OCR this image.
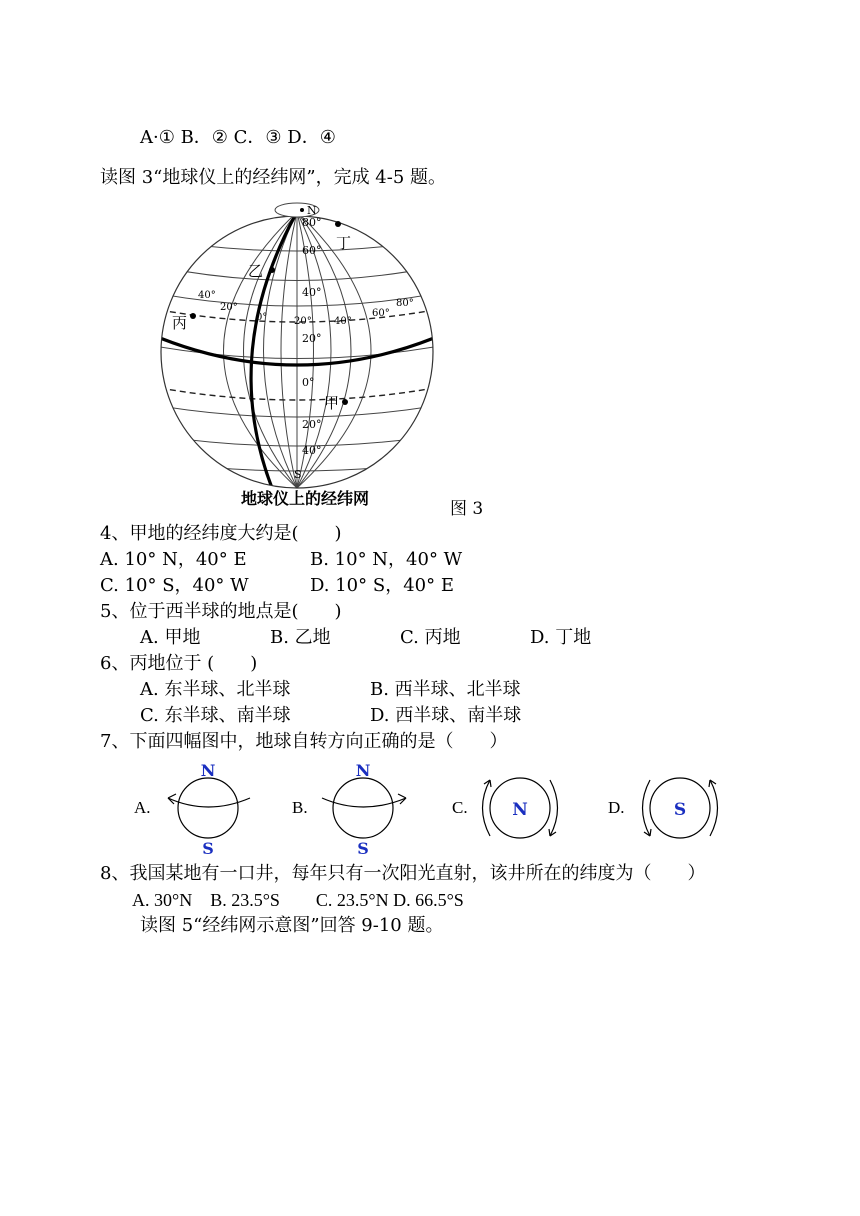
A·① B．② C．③ D．④
读图 3“地球仪上的经纬网”，完成 4-5 题。
甲
乙
丙
丁
N
S
80°
60°
40°
20°
0°
20°
40°
40°
20°
0°	20° 40°
60°
80°
地球仪上的经纬网
图 3
4、甲地的经纬度大约是(　　)
A. 10° N，40° E	B. 10° N，40° W
C. 10° S，40° W	D. 10° S，40° E
5、位于西半球的地点是(　　)
A. 甲地	B. 乙地	C. 丙地	D. 丁地
6、丙地位于 (　　)
A. 东半球、北半球	B. 西半球、北半球
C. 东半球、南半球	D. 西半球、南半球
7、下面四幅图中，地球自转方向正确的是（　　）
A.	B.	C.	D.
N
S
N
S
N	S
8、我国某地有一口井，每年只有一次阳光直射，该井所在的纬度为（　　）
A. 30°N　B. 23.5°S　　C. 23.5°N D. 66.5°S
读图 5“经纬网示意图”回答 9-10 题。
